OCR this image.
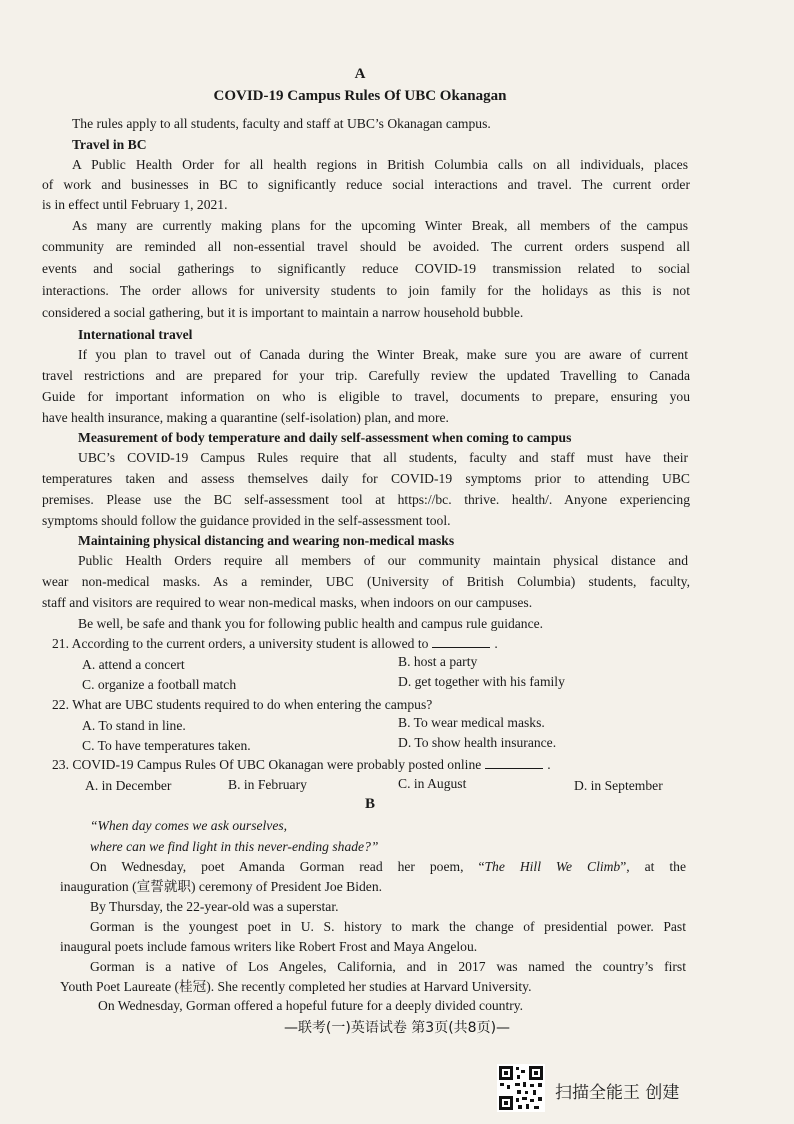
A
COVID-19 Campus Rules Of UBC Okanagan
The rules apply to all students, faculty and staff at UBC’s Okanagan campus.
Travel in BC
A Public Health Order for all health regions in British Columbia calls on all individuals, places
of work and businesses in BC to significantly reduce social interactions and travel. The current order
is in effect until February 1, 2021.
As many are currently making plans for the upcoming Winter Break, all members of the campus
community are reminded all non-essential travel should be avoided. The current orders suspend all
events and social gatherings to significantly reduce COVID-19 transmission related to social
interactions. The order allows for university students to join family for the holidays as this is not
considered a social gathering, but it is important to maintain a narrow household bubble.
International travel
If you plan to travel out of Canada during the Winter Break, make sure you are aware of current
travel restrictions and are prepared for your trip. Carefully review the updated Travelling to Canada
Guide for important information on who is eligible to travel, documents to prepare, ensuring you
have health insurance, making a quarantine (self-isolation) plan, and more.
Measurement of body temperature and daily self-assessment when coming to campus
UBC’s COVID-19 Campus Rules require that all students, faculty and staff must have their
temperatures taken and assess themselves daily for COVID-19 symptoms prior to attending UBC
premises. Please use the BC self-assessment tool at https://bc. thrive. health/. Anyone experiencing
symptoms should follow the guidance provided in the self-assessment tool.
Maintaining physical distancing and wearing non-medical masks
Public Health Orders require all members of our community maintain physical distance and
wear non-medical masks. As a reminder, UBC (University of British Columbia) students, faculty,
staff and visitors are required to wear non-medical masks, when indoors on our campuses.
Be well, be safe and thank you for following public health and campus rule guidance.
21. According to the current orders, a university student is allowed to	.
A. attend a concert	B. host a party
C. organize a football match	D. get together with his family
22. What are UBC students required to do when entering the campus?
A. To stand in line.	B. To wear medical masks.
C. To have temperatures taken.	D. To show health insurance.
23. COVID-19 Campus Rules Of UBC Okanagan were probably posted online	.
A. in December	B. in February	C. in August	D. in September
B
“When day comes we ask ourselves,
where can we find light in this never-ending shade?”
On Wednesday, poet Amanda Gorman read her poem, “The Hill We Climb”, at the
inauguration (宣誓就职) ceremony of President Joe Biden.
By Thursday, the 22-year-old was a superstar.
Gorman is the youngest poet in U. S. history to mark the change of presidential power. Past
inaugural poets include famous writers like Robert Frost and Maya Angelou.
Gorman is a native of Los Angeles, California, and in 2017 was named the country’s first
Youth Poet Laureate (桂冠). She recently completed her studies at Harvard University.
On Wednesday, Gorman offered a hopeful future for a deeply divided country.
—联考(一)英语试卷 第3页(共8页)—
扫描全能王 创建
